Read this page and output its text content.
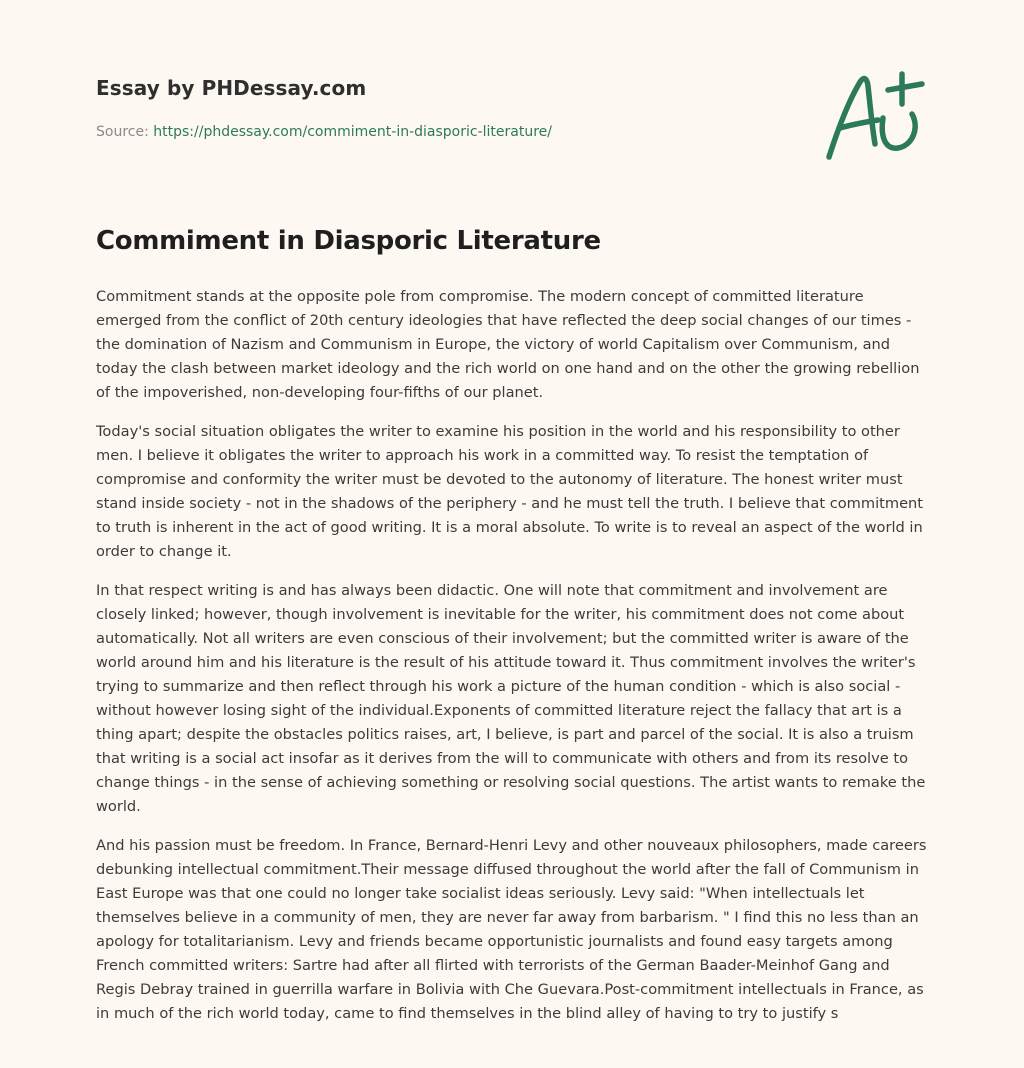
Essay by PHDessay.com
Source: https://phdessay.com/commiment-in-diasporic-literature/
Commiment in Diasporic Literature

Commitment stands at the opposite pole from compromise. The modern concept of committed literature emerged from the conflict of 20th century ideologies that have reflected the deep social changes of our times - the domination of Nazism and Communism in Europe, the victory of world Capitalism over Communism, and today the clash between market ideology and the rich world on one hand and on the other the growing rebellion of the impoverished, non-developing four-fifths of our planet.

Today's social situation obligates the writer to examine his position in the world and his responsibility to other men. I believe it obligates the writer to approach his work in a committed way. To resist the temptation of compromise and conformity the writer must be devoted to the autonomy of literature. The honest writer must stand inside society - not in the shadows of the periphery - and he must tell the truth. I believe that commitment to truth is inherent in the act of good writing. It is a moral absolute. To write is to reveal an aspect of the world in order to change it.

In that respect writing is and has always been didactic. One will note that commitment and involvement are closely linked; however, though involvement is inevitable for the writer, his commitment does not come about automatically. Not all writers are even conscious of their involvement; but the committed writer is aware of the world around him and his literature is the result of his attitude toward it. Thus commitment involves the writer's trying to summarize and then reflect through his work a picture of the human condition - which is also social - without however losing sight of the individual.Exponents of committed literature reject the fallacy that art is a thing apart; despite the obstacles politics raises, art, I believe, is part and parcel of the social. It is also a truism that writing is a social act insofar as it derives from the will to communicate with others and from its resolve to change things - in the sense of achieving something or resolving social questions. The artist wants to remake the world.

And his passion must be freedom. In France, Bernard-Henri Levy and other nouveaux philosophers, made careers debunking intellectual commitment.Their message diffused throughout the world after the fall of Communism in East Europe was that one could no longer take socialist ideas seriously. Levy said: "When intellectuals let themselves believe in a community of men, they are never far away from barbarism. " I find this no less than an apology for totalitarianism. Levy and friends became opportunistic journalists and found easy targets among French committed writers: Sartre had after all flirted with terrorists of the German Baader-Meinhof Gang and Regis Debray trained in guerrilla warfare in Bolivia with Che Guevara.Post-commitment intellectuals in France, as in much of the rich world today, came to find themselves in the blind alley of having to try to justify s
